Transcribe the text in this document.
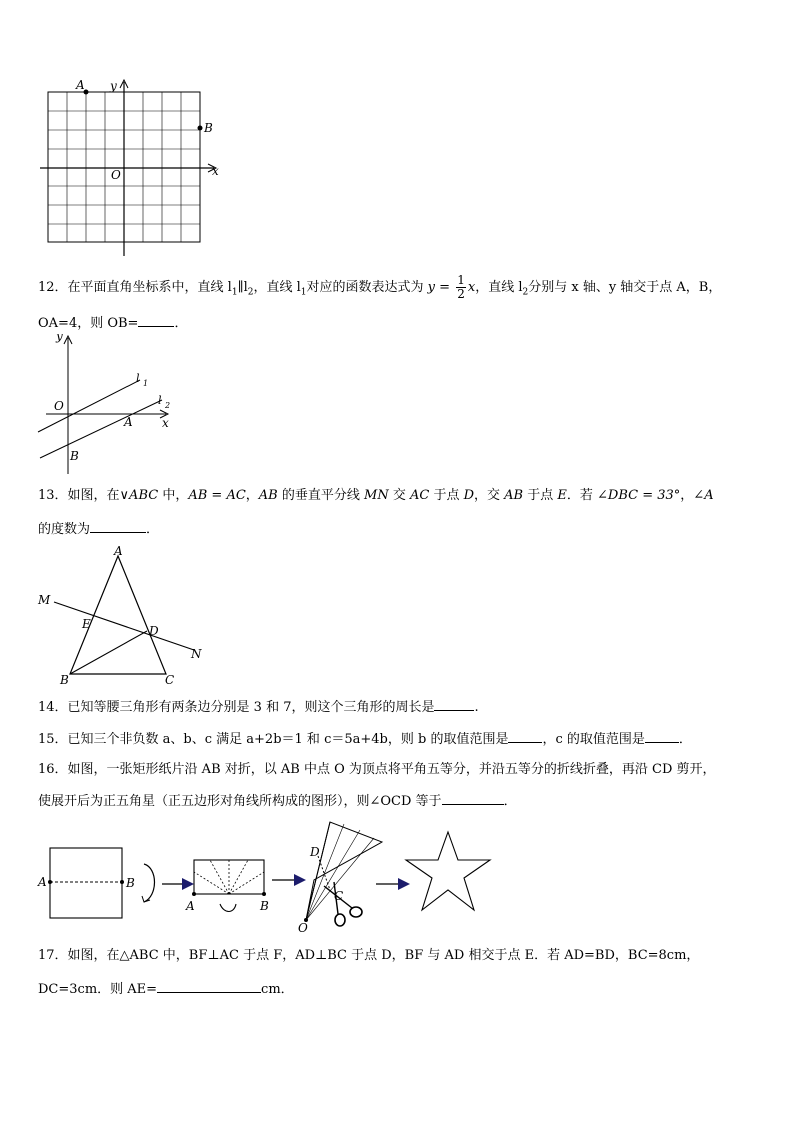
A
B
O	x
y
12．在平面直角坐标系中，直线 $l_1\parallel l_2$，直线 $l_1$对应的函数表达式为 $y = \frac{1}{2}$ x，直线 $l_2$分别与 x 轴、y 轴交于点 A，B，
OA=4，则 OB=	．
y
O
x
A
B
l 1
l 2
13．如图，在∨ABC 中，AB = AC，AB 的垂直平分线 MN 交 AC 于点 D，交 AB 于点 E．若 ∠DBC = 33°，∠A
的度数为	．
A
M
E	D
N
B	C
14．已知等腰三角形有两条边分别是 3 和 7，则这个三角形的周长是	.
15．已知三个非负数 a、b、c 满足 a+2b＝1 和 c＝5a+4b，则 b 的取值范围是	，c 的取值范围是	．
16．如图，一张矩形纸片沿 AB 对折，以 AB 中点 O 为顶点将平角五等分，并沿五等分的折线折叠，再沿 CD 剪开，
使展开后为正五角星（正五边形对角线所构成的图形），则∠OCD 等于	．
A	B
A	B
D
C
O
17．如图，在△ABC 中，BF⊥AC 于点 F，AD⊥BC 于点 D，BF 与 AD 相交于点 E．若 AD=BD，BC=8cm，
DC=3cm．则 AE=	cm．
